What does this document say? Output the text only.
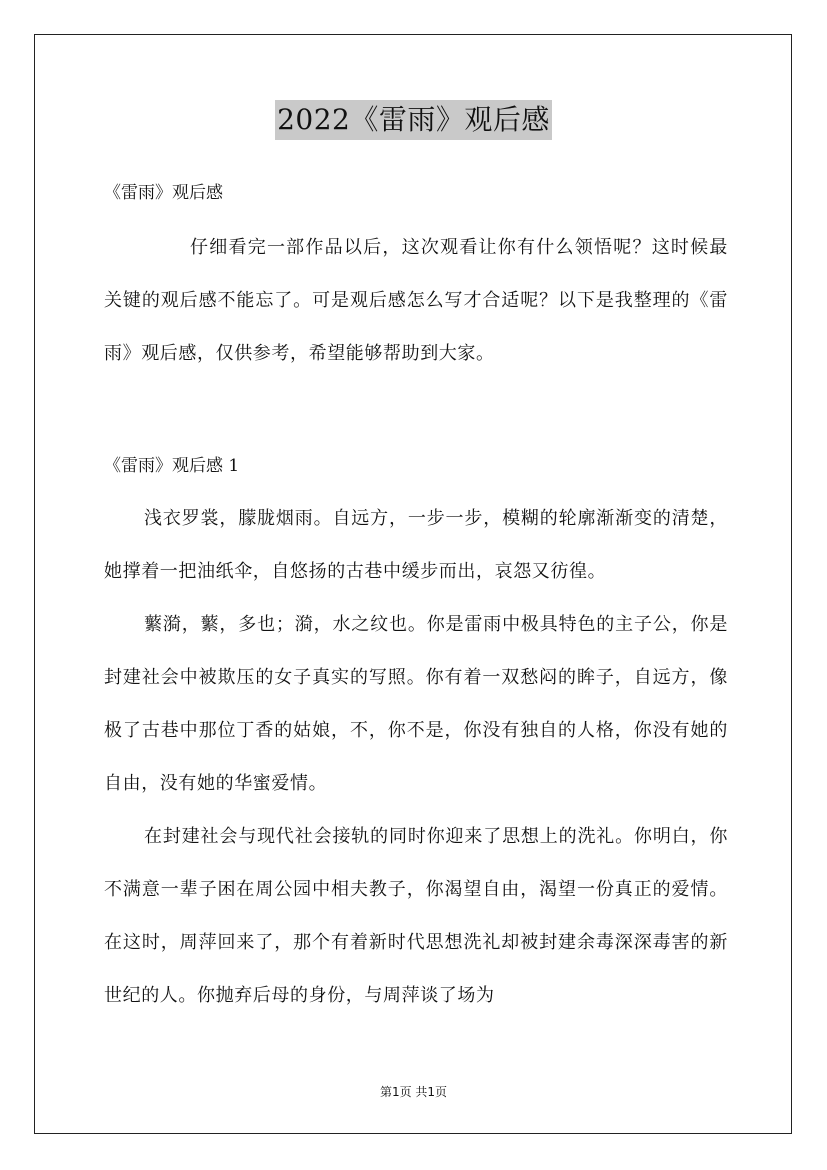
2022《雷雨》观后感
《雷雨》观后感

仔细看完一部作品以后，这次观看让你有什么领悟呢？这时候最关键的观后感不能忘了。可是观后感怎么写才合适呢？以下是我整理的《雷雨》观后感，仅供参考，希望能够帮助到大家。

《雷雨》观后感 1

浅衣罗裳，朦胧烟雨。自远方，一步一步，模糊的轮廓渐渐变的清楚，她撑着一把油纸伞，自悠扬的古巷中缓步而出，哀怨又彷徨。

蘩漪，蘩，多也；漪，水之纹也。你是雷雨中极具特色的主子公，你是封建社会中被欺压的女子真实的写照。你有着一双愁闷的眸子，自远方，像极了古巷中那位丁香的姑娘，不，你不是，你没有独自的人格，你没有她的自由，没有她的华蜜爱情。

在封建社会与现代社会接轨的同时你迎来了思想上的洗礼。你明白，你不满意一辈子困在周公园中相夫教子，你渴望自由，渴望一份真正的爱情。在这时，周萍回来了，那个有着新时代思想洗礼却被封建余毒深深毒害的新世纪的人。你抛弃后母的身份，与周萍谈了场为

第1页 共1页
